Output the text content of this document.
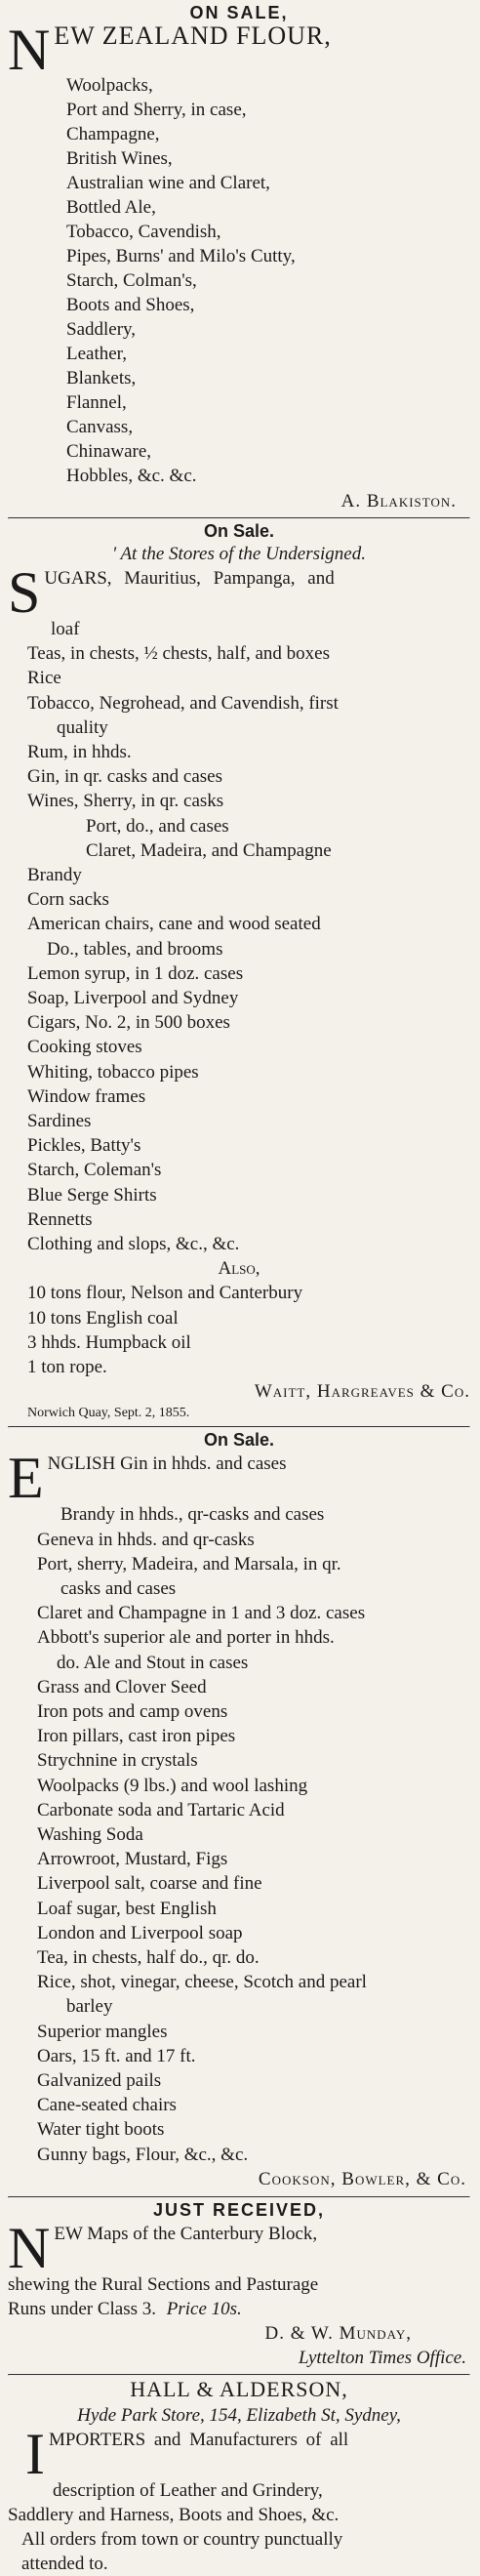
ON SALE,
NEW ZEALAND FLOUR,
Woolpacks,
Port and Sherry, in case,
Champagne,
British Wines,
Australian wine and Claret,
Bottled Ale,
Tobacco, Cavendish,
Pipes, Burns' and Milo's Cutty,
Starch, Colman's,
Boots and Shoes,
Saddlery,
Leather,
Blankets,
Flannel,
Canvass,
Chinaware,
Hobbles, &c. &c.
A. Blakiston.
On Sale.
' At the Stores of the Undersigned.
SUGARS, Mauritius, Pampanga, and
loaf
Teas, in chests, ½ chests, half, and boxes
Rice
Tobacco, Negrohead, and Cavendish, first
quality
Rum, in hhds.
Gin, in qr. casks and cases
Wines, Sherry, in qr. casks
Port, do., and cases
Claret, Madeira, and Champagne
Brandy
Corn sacks
American chairs, cane and wood seated
Do., tables, and brooms
Lemon syrup, in 1 doz. cases
Soap, Liverpool and Sydney
Cigars, No. 2, in 500 boxes
Cooking stoves
Whiting, tobacco pipes
Window frames
Sardines
Pickles, Batty's
Starch, Coleman's
Blue Serge Shirts
Rennetts
Clothing and slops, &c., &c.
Also,
10 tons flour, Nelson and Canterbury
10 tons English coal
3 hhds. Humpback oil
1 ton rope.
Waitt, Hargreaves & Co.
Norwich Quay, Sept. 2, 1855.
On Sale.
ENGLISH Gin in hhds. and cases
Brandy in hhds., qr-casks and cases
Geneva in hhds. and qr-casks
Port, sherry, Madeira, and Marsala, in qr.
casks and cases
Claret and Champagne in 1 and 3 doz. cases
Abbott's superior ale and porter in hhds.
do. Ale and Stout in cases
Grass and Clover Seed
Iron pots and camp ovens
Iron pillars, cast iron pipes
Strychnine in crystals
Woolpacks (9 lbs.) and wool lashing
Carbonate soda and Tartaric Acid
Washing Soda
Arrowroot, Mustard, Figs
Liverpool salt, coarse and fine
Loaf sugar, best English
London and Liverpool soap
Tea, in chests, half do., qr. do.
Rice, shot, vinegar, cheese, Scotch and pearl
barley
Superior mangles
Oars, 15 ft. and 17 ft.
Galvanized pails
Cane-seated chairs
Water tight boots
Gunny bags, Flour, &c., &c.
Cookson, Bowler, & Co.
JUST RECEIVED,
NEW Maps of the Canterbury Block,
shewing the Rural Sections and Pasturage
Runs under Class 3. Price 10s.
D. & W. Munday,
Lyttelton Times Office.
HALL & ALDERSON,
Hyde Park Store, 154, Elizabeth St, Sydney,
IMPORTERS and Manufacturers of all
description of Leather and Grindery,
Saddlery and Harness, Boots and Shoes, &c.
All orders from town or country punctually
attended to.
